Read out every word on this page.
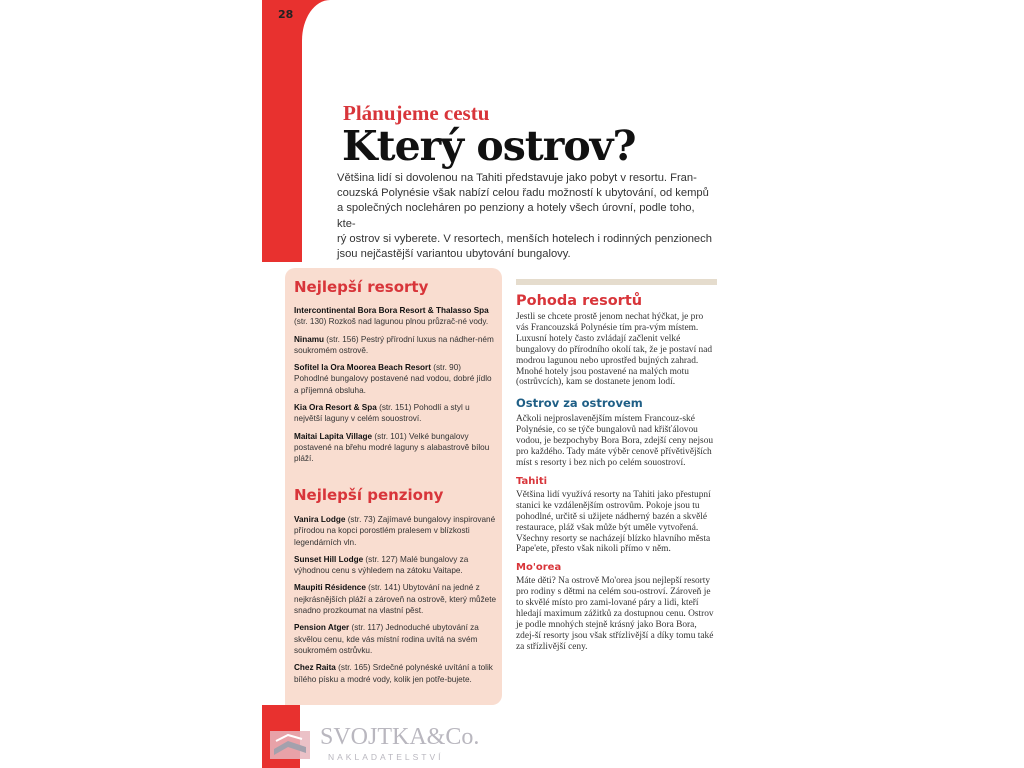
28
Plánujeme cestu
Který ostrov?

Většina lidí si dovolenou na Tahiti představuje jako pobyt v resortu. Fran-

couzská Polynésie však nabízí celou řadu možností k ubytování, od kempů

a společných nocleháren po penziony a hotely všech úrovní, podle toho, kte-

rý ostrov si vyberete. V resortech, menších hotelech i rodinných penzionech

jsou nejčastější variantou ubytování bungalovy.

Nejlepší resorty

Intercontinental Bora Bora Resort & Thalasso Spa (str. 130) Rozkoš nad lagunou plnou průzrač-né vody.

Ninamu (str. 156) Pestrý přírodní luxus na nádher-ném soukromém ostrově.

Sofitel la Ora Moorea Beach Resort (str. 90) Pohodlné bungalovy postavené nad vodou, dobré jídlo a příjemná obsluha.

Kia Ora Resort & Spa (str. 151) Pohodlí a styl u největší laguny v celém souostroví.

Maitai Lapita Village (str. 101) Velké bungalovy postavené na břehu modré laguny s alabastrově bílou pláží.

Nejlepší penziony

Vanira Lodge (str. 73) Zajímavé bungalovy inspirované přírodou na kopci porostlém pralesem v blízkosti legendárních vln.

Sunset Hill Lodge (str. 127) Malé bungalovy za výhodnou cenu s výhledem na zátoku Vaitape.

Maupiti Résidence (str. 141) Ubytování na jedné z nejkrásnějších pláží a zároveň na ostrově, který můžete snadno prozkoumat na vlastní pěst.

Pension Atger (str. 117) Jednoduché ubytování za skvělou cenu, kde vás místní rodina uvítá na svém soukromém ostrůvku.

Chez Raita (str. 165) Srdečné polynéské uvítání a tolik bílého písku a modré vody, kolik jen potře-bujete.

Pohoda resortů

Jestli se chcete prostě jenom nechat hýčkat, je pro vás Francouzská Polynésie tím pra-vým místem. Luxusní hotely často zvládají začlenit velké bungalovy do přírodního okolí tak, že je postaví nad modrou lagunou nebo uprostřed bujných zahrad. Mnohé hotely jsou postavené na malých motu (ostrůvcích), kam se dostanete jenom lodí.

Ostrov za ostrovem

Ačkoli nejproslavenějším místem Francouz-ské Polynésie, co se týče bungalovů nad křišťálovou vodou, je bezpochyby Bora Bora, zdejší ceny nejsou pro každého. Tady máte výběr cenově přívětivějších míst s resorty i bez nich po celém souostroví.

Tahiti

Většina lidí využívá resorty na Tahiti jako přestupní stanici ke vzdálenějším ostrovům. Pokoje jsou tu pohodlné, určitě si užijete nádherný bazén a skvělé restaurace, pláž však může být uměle vytvořená. Všechny resorty se nacházejí blízko hlavního města Pape'ete, přesto však nikoli přímo v něm.

Mo'orea

Máte děti? Na ostrově Mo'orea jsou nejlepší resorty pro rodiny s dětmi na celém sou-ostroví. Zároveň je to skvělé místo pro zami-lované páry a lidi, kteří hledají maximum zážitků za dostupnou cenu. Ostrov je podle mnohých stejně krásný jako Bora Bora, zdej-ší resorty jsou však střízlivější a díky tomu také za střízlivější ceny.

SVOJTKA&Co.
NAKLADATELSTVÍ
